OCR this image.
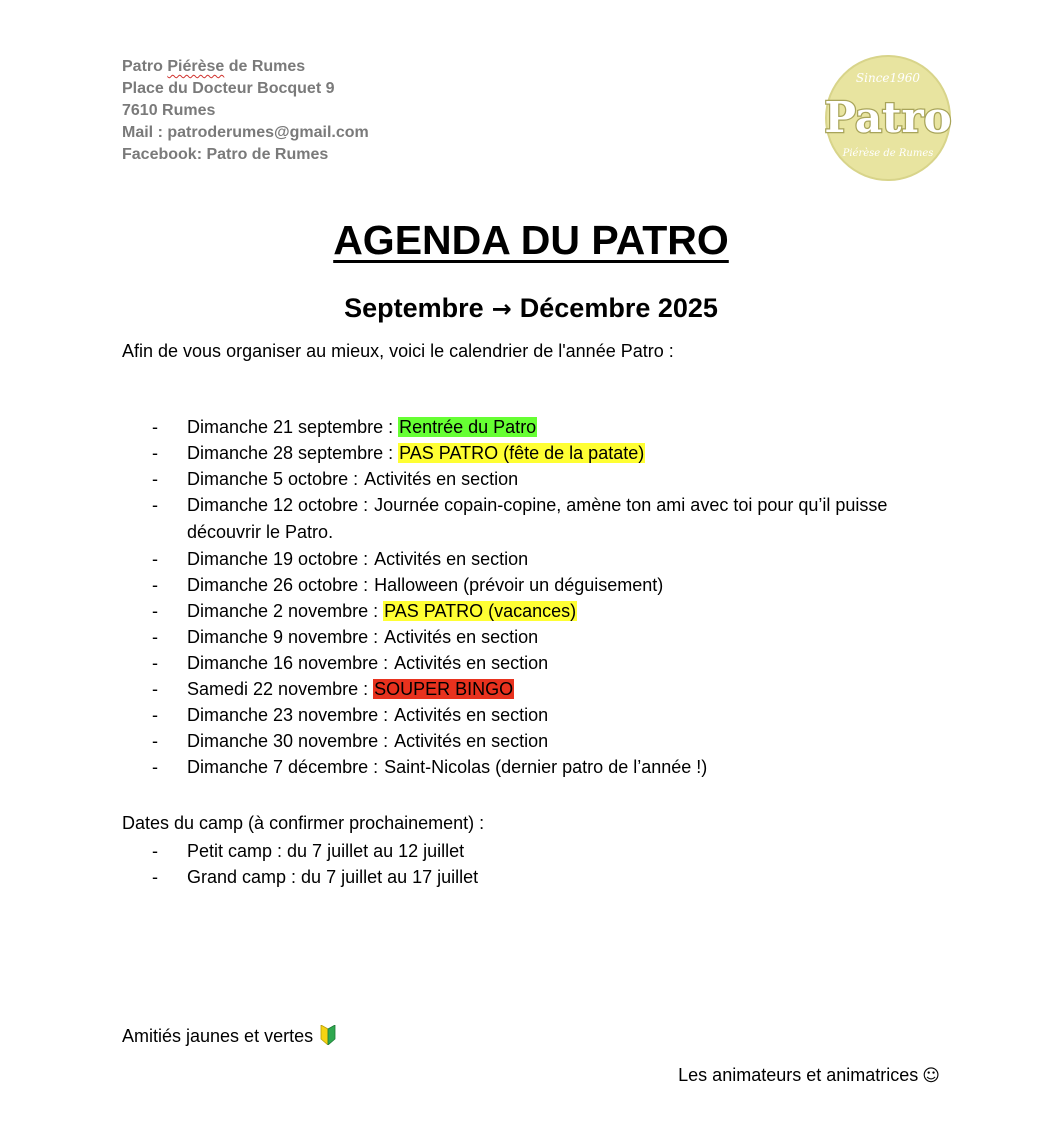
Patro Piérèse de Rumes
Place du Docteur Bocquet 9
7610 Rumes
Mail : patroderumes@gmail.com
Facebook: Patro de Rumes
Since1960
Patro
Piérèse de Rumes
AGENDA DU PATRO
Septembre → Décembre 2025
Afin de vous organiser au mieux, voici le calendrier de l'année Patro :
- Dimanche 21 septembre : Rentrée du Patro
- Dimanche 28 septembre : PAS PATRO (fête de la patate)
- Dimanche 5 octobre : Activités en section
- Dimanche 12 octobre : Journée copain-copine, amène ton ami avec toi pour qu’il puisse découvrir le Patro.
- Dimanche 19 octobre : Activités en section
- Dimanche 26 octobre : Halloween (prévoir un déguisement)
- Dimanche 2 novembre : PAS PATRO (vacances)
- Dimanche 9 novembre : Activités en section
- Dimanche 16 novembre : Activités en section
- Samedi 22 novembre : SOUPER BINGO
- Dimanche 23 novembre : Activités en section
- Dimanche 30 novembre : Activités en section
- Dimanche 7 décembre : Saint-Nicolas (dernier patro de l’année !)
Dates du camp (à confirmer prochainement) :
- Petit camp : du 7 juillet au 12 juillet
- Grand camp : du 7 juillet au 17 juillet
Amitiés jaunes et vertes
Les animateurs et animatrices ☺
